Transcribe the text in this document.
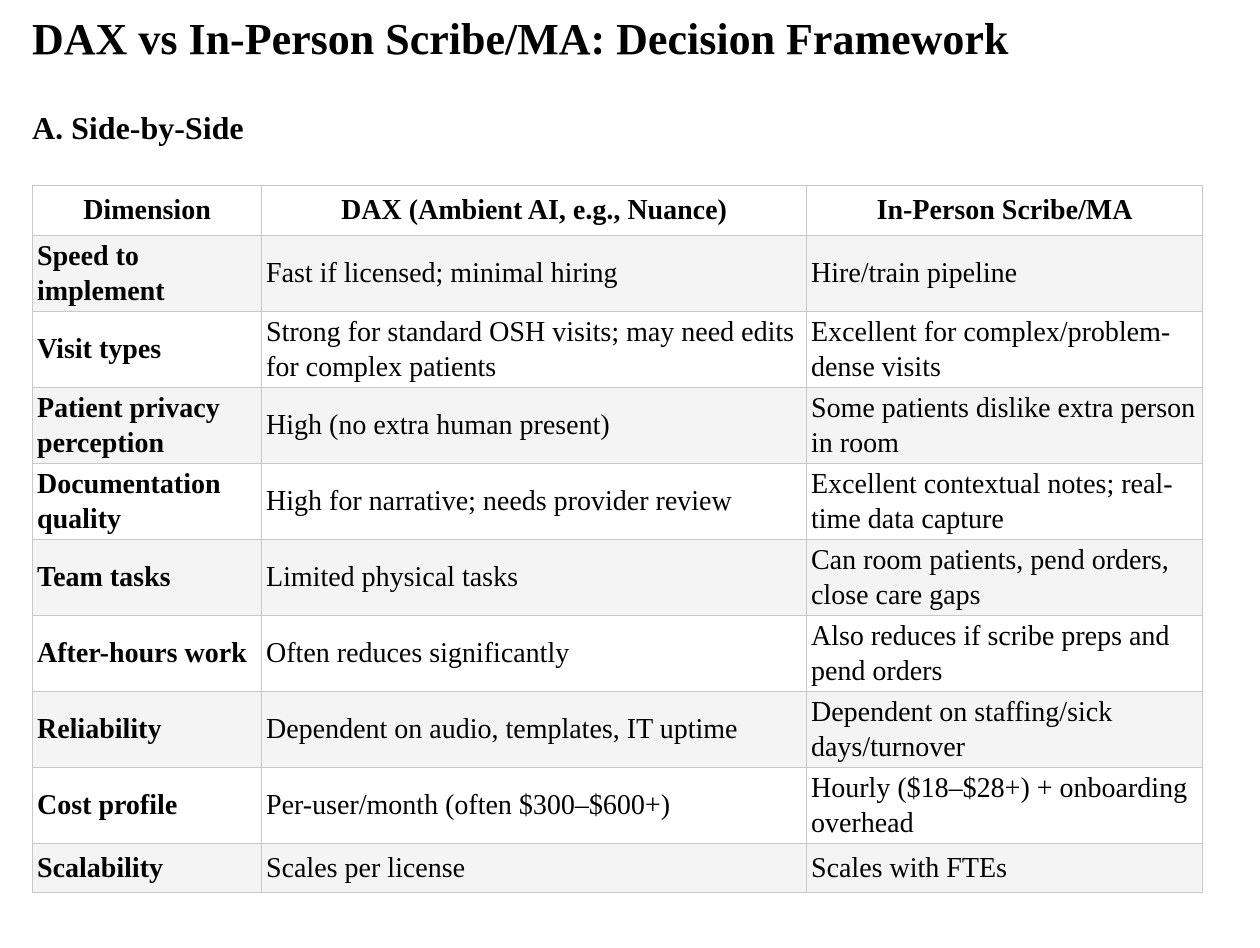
DAX vs In-Person Scribe/MA: Decision Framework
A. Side-by-Side
Dimension	DAX (Ambient AI, e.g., Nuance)	In-Person Scribe/MA
Speed to implement	Fast if licensed; minimal hiring	Hire/train pipeline
Visit types	Strong for standard OSH visits; may need edits for complex patients	Excellent for complex/problem-dense visits
Patient privacy perception	High (no extra human present)	Some patients dislike extra person in room
Documentation quality	High for narrative; needs provider review	Excellent contextual notes; real-time data capture
Team tasks	Limited physical tasks	Can room patients, pend orders, close care gaps
After-hours work	Often reduces significantly	Also reduces if scribe preps and pend orders
Reliability	Dependent on audio, templates, IT uptime	Dependent on staffing/sick days/turnover
Cost profile	Per-user/month (often $300–$600+)	Hourly ($18–$28+) + onboarding overhead
Scalability	Scales per license	Scales with FTEs
